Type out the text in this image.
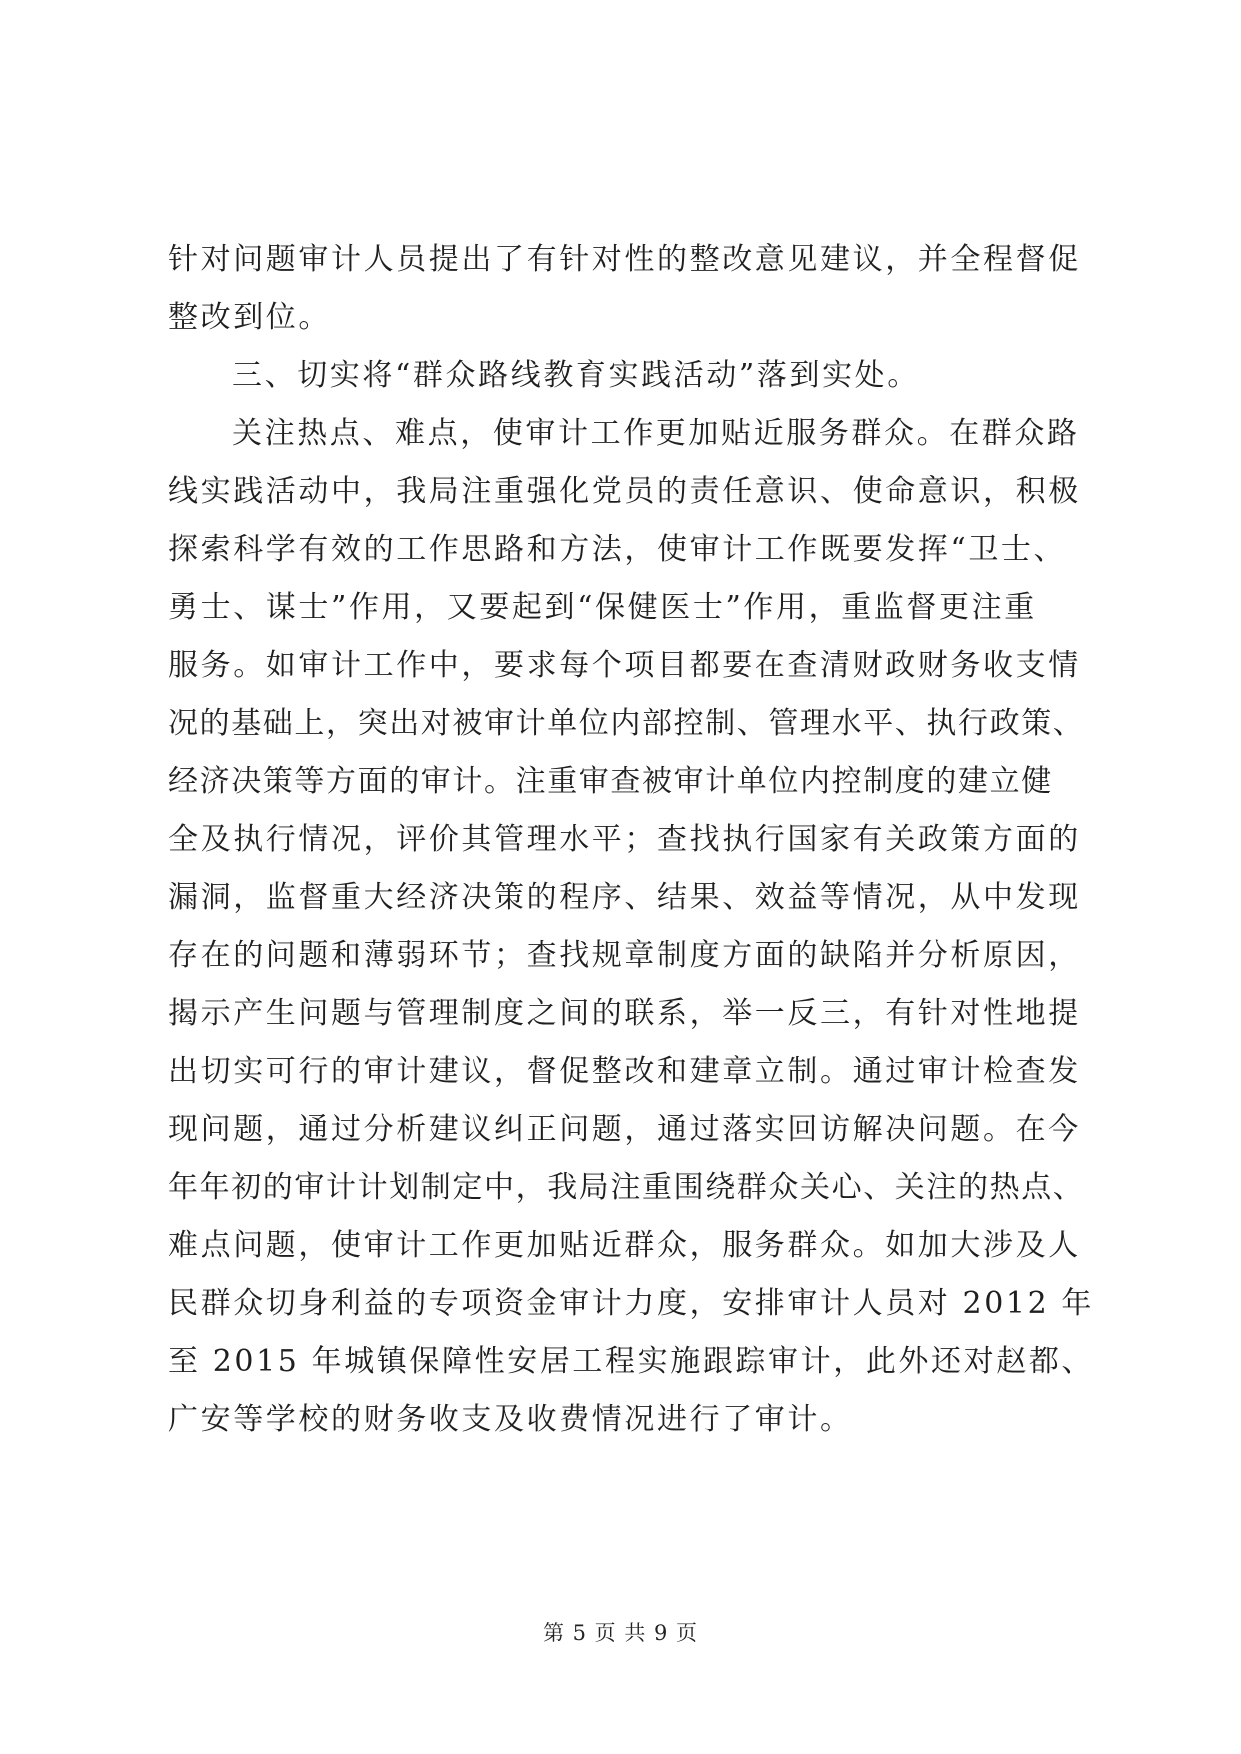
针对问题审计人员提出了有针对性的整改意见建议，并全程督促
整改到位。
三、切实将“群众路线教育实践活动”落到实处。
关注热点、难点，使审计工作更加贴近服务群众。在群众路
线实践活动中，我局注重强化党员的责任意识、使命意识，积极
探索科学有效的工作思路和方法，使审计工作既要发挥“卫士、
勇士、谋士”作用，又要起到“保健医士”作用，重监督更注重
服务。如审计工作中，要求每个项目都要在查清财政财务收支情
况的基础上，突出对被审计单位内部控制、管理水平、执行政策、
经济决策等方面的审计。注重审查被审计单位内控制度的建立健
全及执行情况，评价其管理水平；查找执行国家有关政策方面的
漏洞，监督重大经济决策的程序、结果、效益等情况，从中发现
存在的问题和薄弱环节；查找规章制度方面的缺陷并分析原因，
揭示产生问题与管理制度之间的联系，举一反三，有针对性地提
出切实可行的审计建议，督促整改和建章立制。通过审计检查发
现问题，通过分析建议纠正问题，通过落实回访解决问题。在今
年年初的审计计划制定中，我局注重围绕群众关心、关注的热点、
难点问题，使审计工作更加贴近群众，服务群众。如加大涉及人
民群众切身利益的专项资金审计力度，安排审计人员对 2012 年
至 2015 年城镇保障性安居工程实施跟踪审计，此外还对赵都、
广安等学校的财务收支及收费情况进行了审计。
第 5 页 共 9 页
